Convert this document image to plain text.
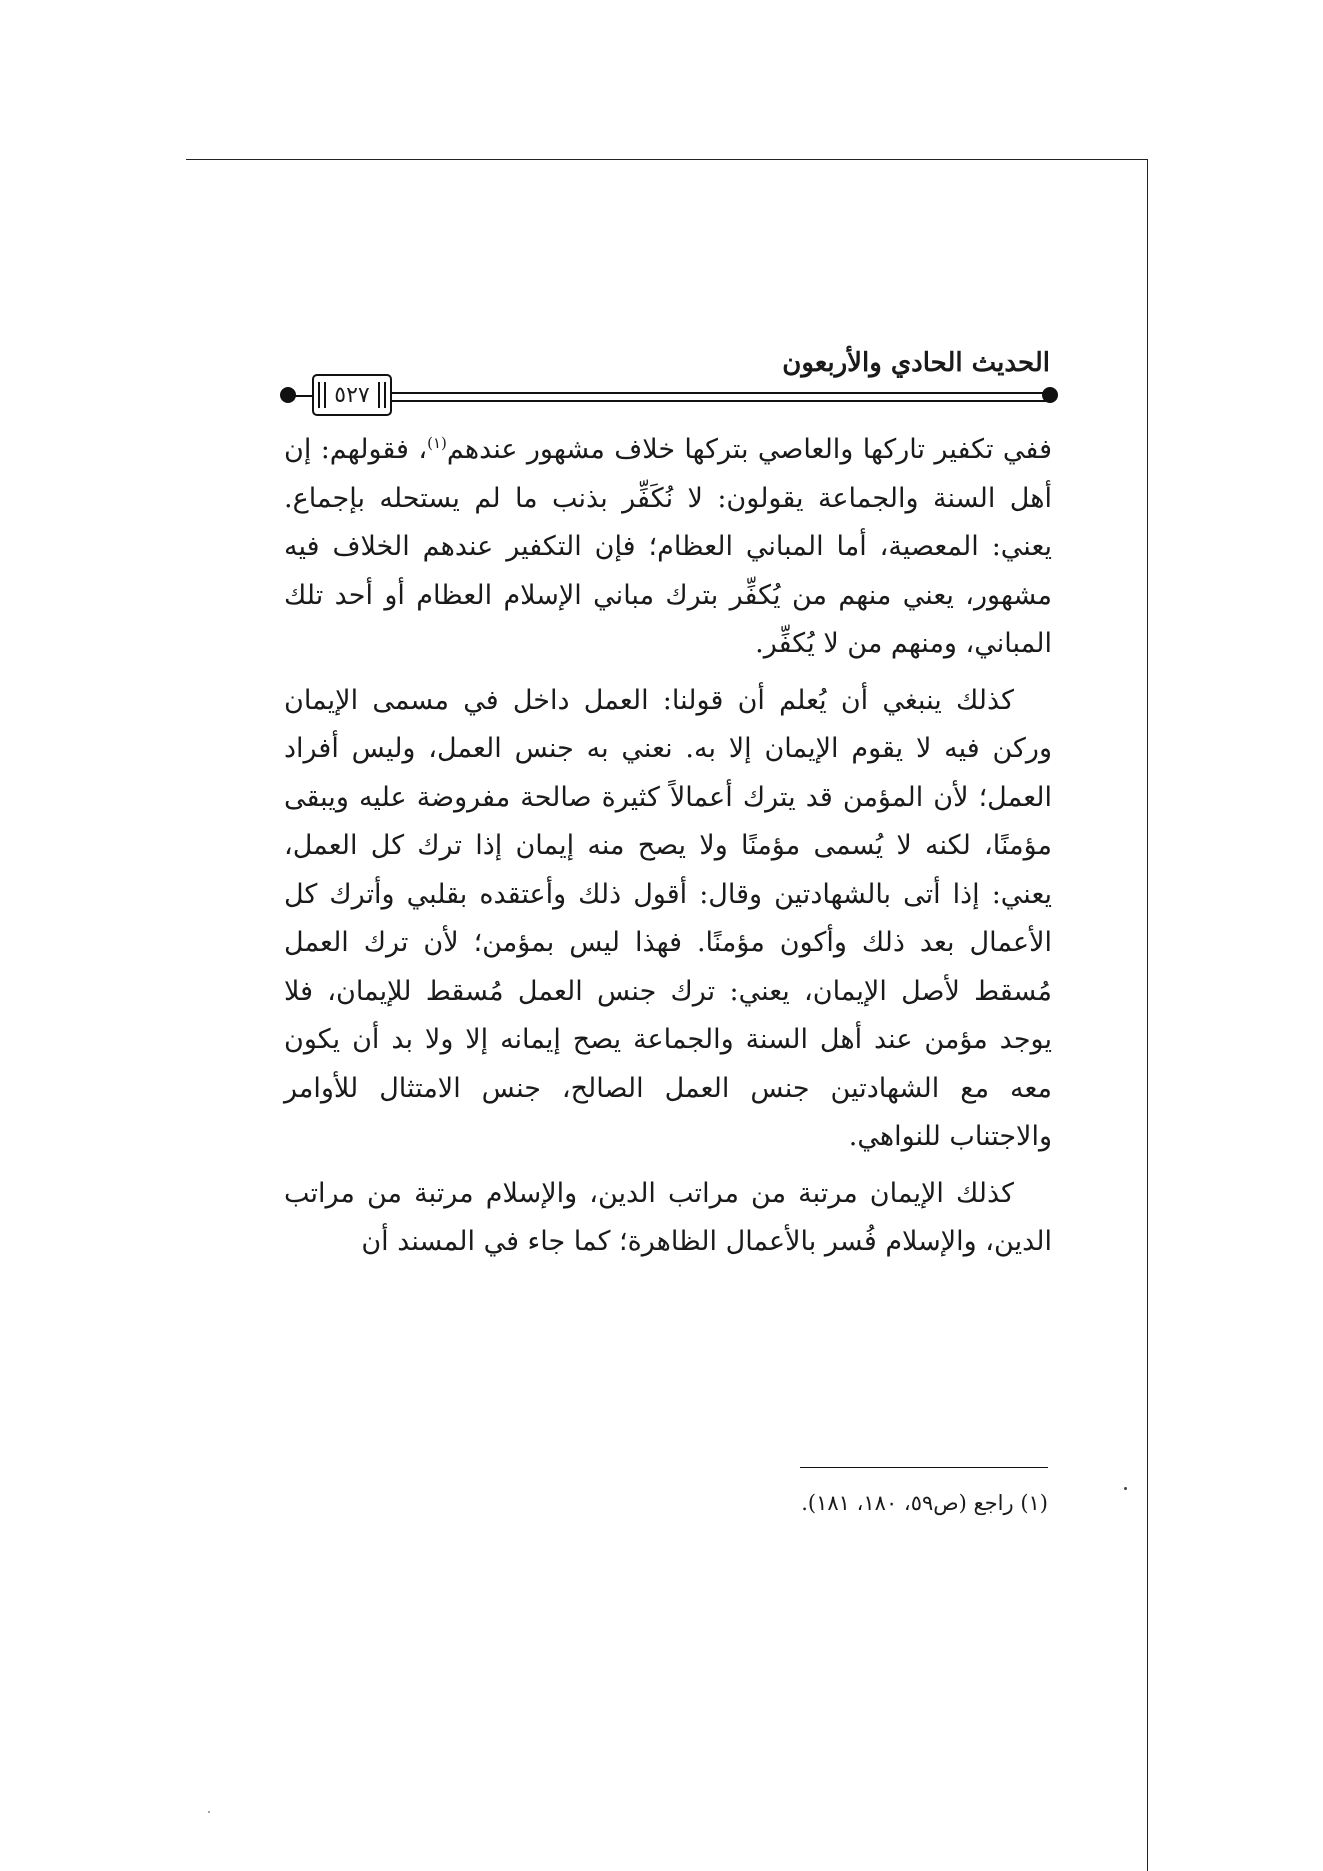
الحديث الحادي والأربعون
٥٢٧

ففي تكفير تاركها والعاصي بتركها خلاف مشهور عندهم$^{(١)}$، فقولهم: إن أهل السنة والجماعة يقولون: لا نُكَفِّر بذنب ما لم يستحله بإجماع. يعني: المعصية، أما المباني العظام؛ فإن التكفير عندهم الخلاف فيه مشهور، يعني منهم من يُكفِّر بترك مباني الإسلام العظام أو أحد تلك المباني، ومنهم من لا يُكفِّر.

كذلك ينبغي أن يُعلم أن قولنا: العمل داخل في مسمى الإيمان وركن فيه لا يقوم الإيمان إلا به. نعني به جنس العمل، وليس أفراد العمل؛ لأن المؤمن قد يترك أعمالاً كثيرة صالحة مفروضة عليه ويبقى مؤمنًا، لكنه لا يُسمى مؤمنًا ولا يصح منه إيمان إذا ترك كل العمل، يعني: إذا أتى بالشهادتين وقال: أقول ذلك وأعتقده بقلبي وأترك كل الأعمال بعد ذلك وأكون مؤمنًا. فهذا ليس بمؤمن؛ لأن ترك العمل مُسقط لأصل الإيمان، يعني: ترك جنس العمل مُسقط للإيمان، فلا يوجد مؤمن عند أهل السنة والجماعة يصح إيمانه إلا ولا بد أن يكون معه مع الشهادتين جنس العمل الصالح، جنس الامتثال للأوامر والاجتناب للنواهي.

كذلك الإيمان مرتبة من مراتب الدين، والإسلام مرتبة من مراتب الدين، والإسلام فُسر بالأعمال الظاهرة؛ كما جاء في المسند أن

(١) راجع (ص٥٩، ١٨٠، ١٨١).
